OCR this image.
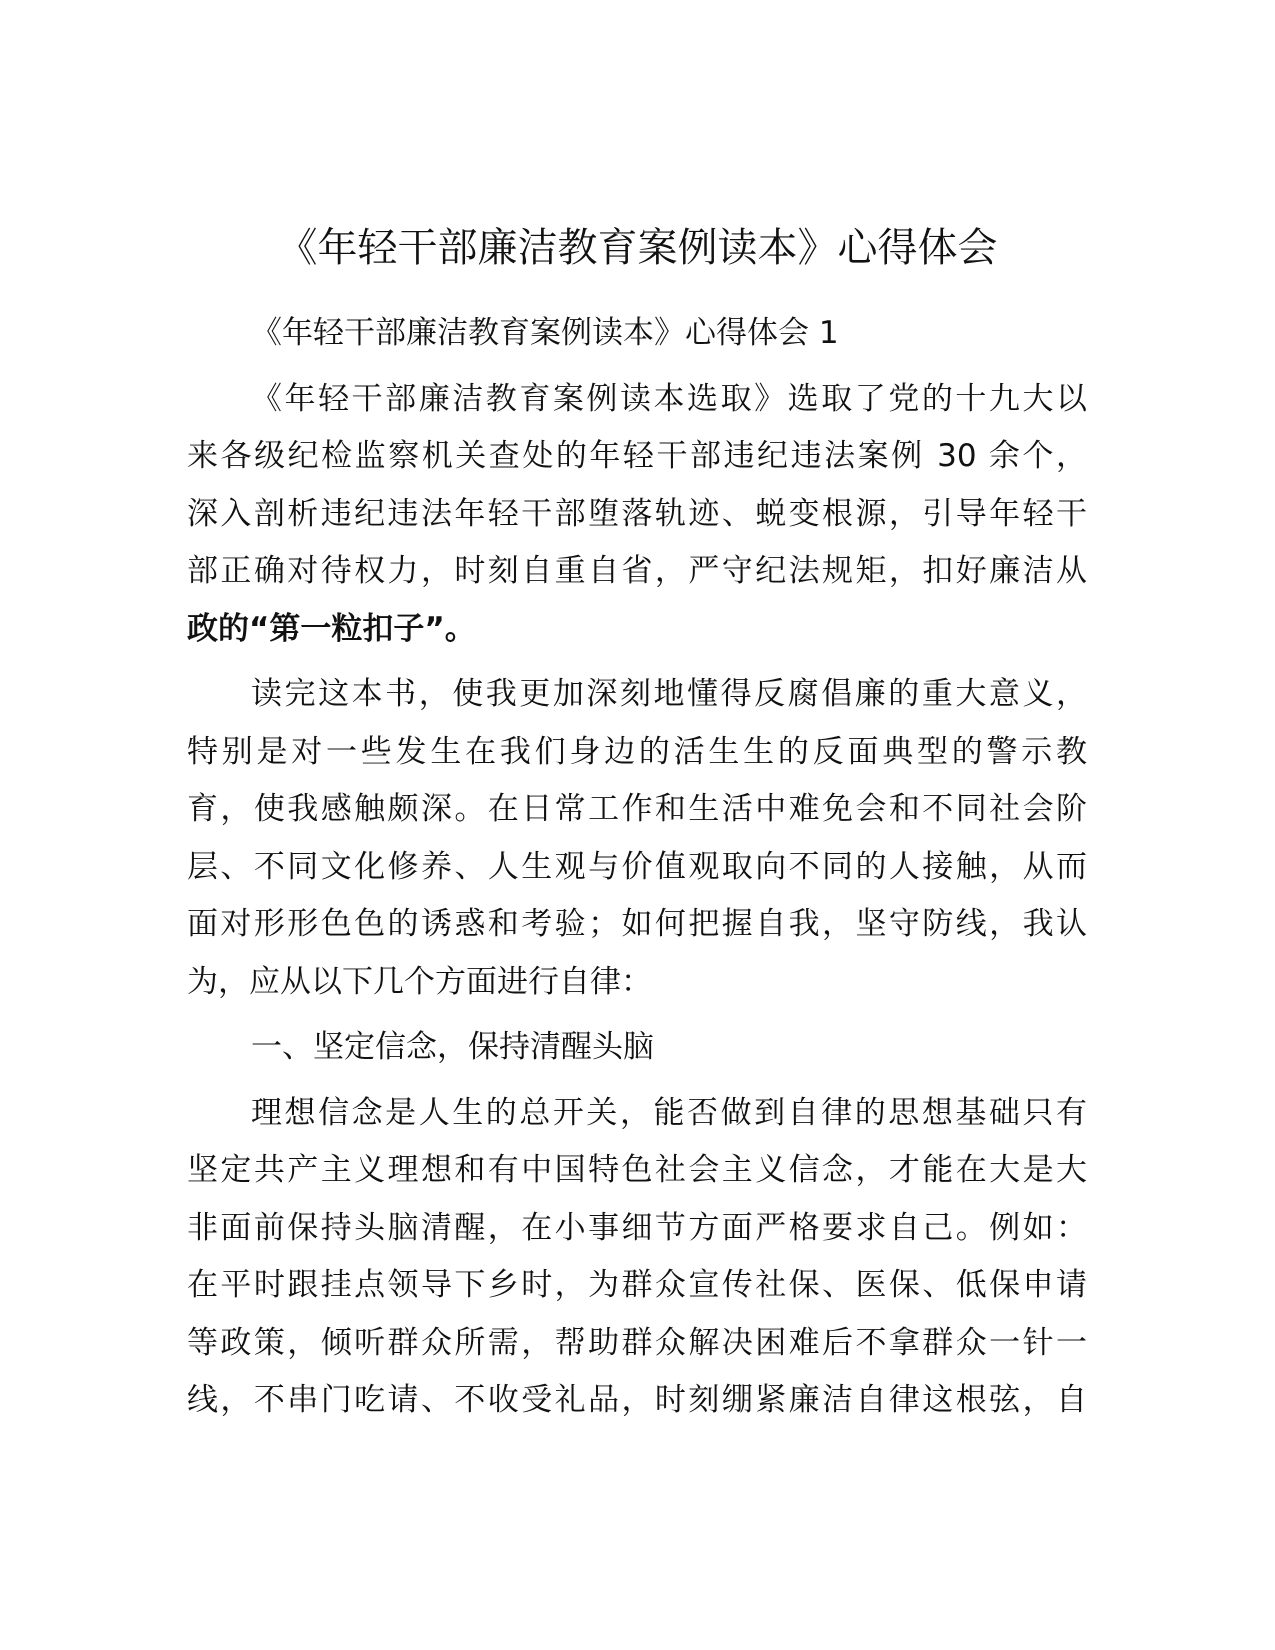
《年轻干部廉洁教育案例读本》心得体会
《年轻干部廉洁教育案例读本》心得体会 1
《年轻干部廉洁教育案例读本选取》选取了党的十九大以
来各级纪检监察机关查处的年轻干部违纪违法案例 30 余个，
深入剖析违纪违法年轻干部堕落轨迹、蜕变根源，引导年轻干
部正确对待权力，时刻自重自省，严守纪法规矩，扣好廉洁从
政的“第一粒扣子”。
读完这本书，使我更加深刻地懂得反腐倡廉的重大意义，
特别是对一些发生在我们身边的活生生的反面典型的警示教
育，使我感触颇深。在日常工作和生活中难免会和不同社会阶
层、不同文化修养、人生观与价值观取向不同的人接触，从而
面对形形色色的诱惑和考验；如何把握自我，坚守防线，我认
为，应从以下几个方面进行自律：
一、坚定信念，保持清醒头脑
理想信念是人生的总开关，能否做到自律的思想基础只有
坚定共产主义理想和有中国特色社会主义信念，才能在大是大
非面前保持头脑清醒，在小事细节方面严格要求自己。例如：
在平时跟挂点领导下乡时，为群众宣传社保、医保、低保申请
等政策，倾听群众所需，帮助群众解决困难后不拿群众一针一
线，不串门吃请、不收受礼品，时刻绷紧廉洁自律这根弦，自
